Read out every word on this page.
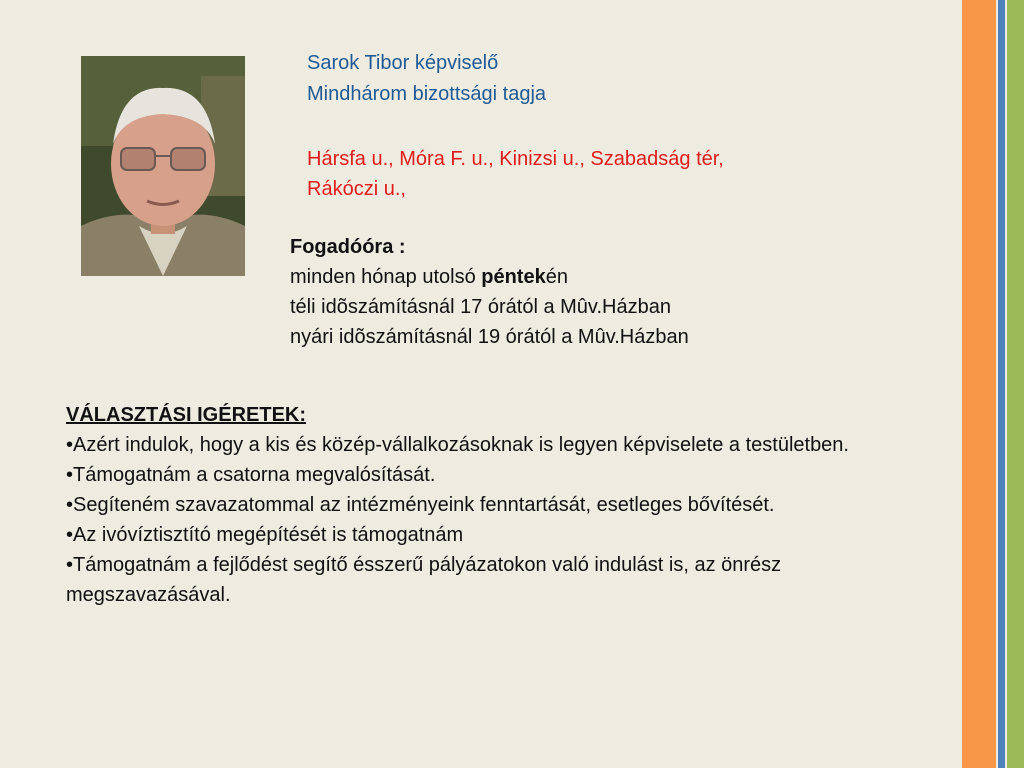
Sarok Tibor képviselő
Mindhárom bizottsági tagja
Hársfa u., Móra F. u., Kinizsi u., Szabadság tér,
Rákóczi u.,
Fogadóóra :
minden hónap utolsó péntekén
téli idõszámításnál 17 órától a Mûv.Házban
nyári idõszámításnál 19 órától a Mûv.Házban
VÁLASZTÁSI IGÉRETEK:
•Azért indulok, hogy a kis és közép-vállalkozásoknak is legyen képviselete a testületben.
•Támogatnám a csatorna megvalósítását.
•Segíteném szavazatommal az intézményeink fenntartását, esetleges bővítését.
•Az ivóvíztisztító megépítését is támogatnám
•Támogatnám a fejlődést segítő ésszerű pályázatokon való indulást is, az önrész megszavazásával.
